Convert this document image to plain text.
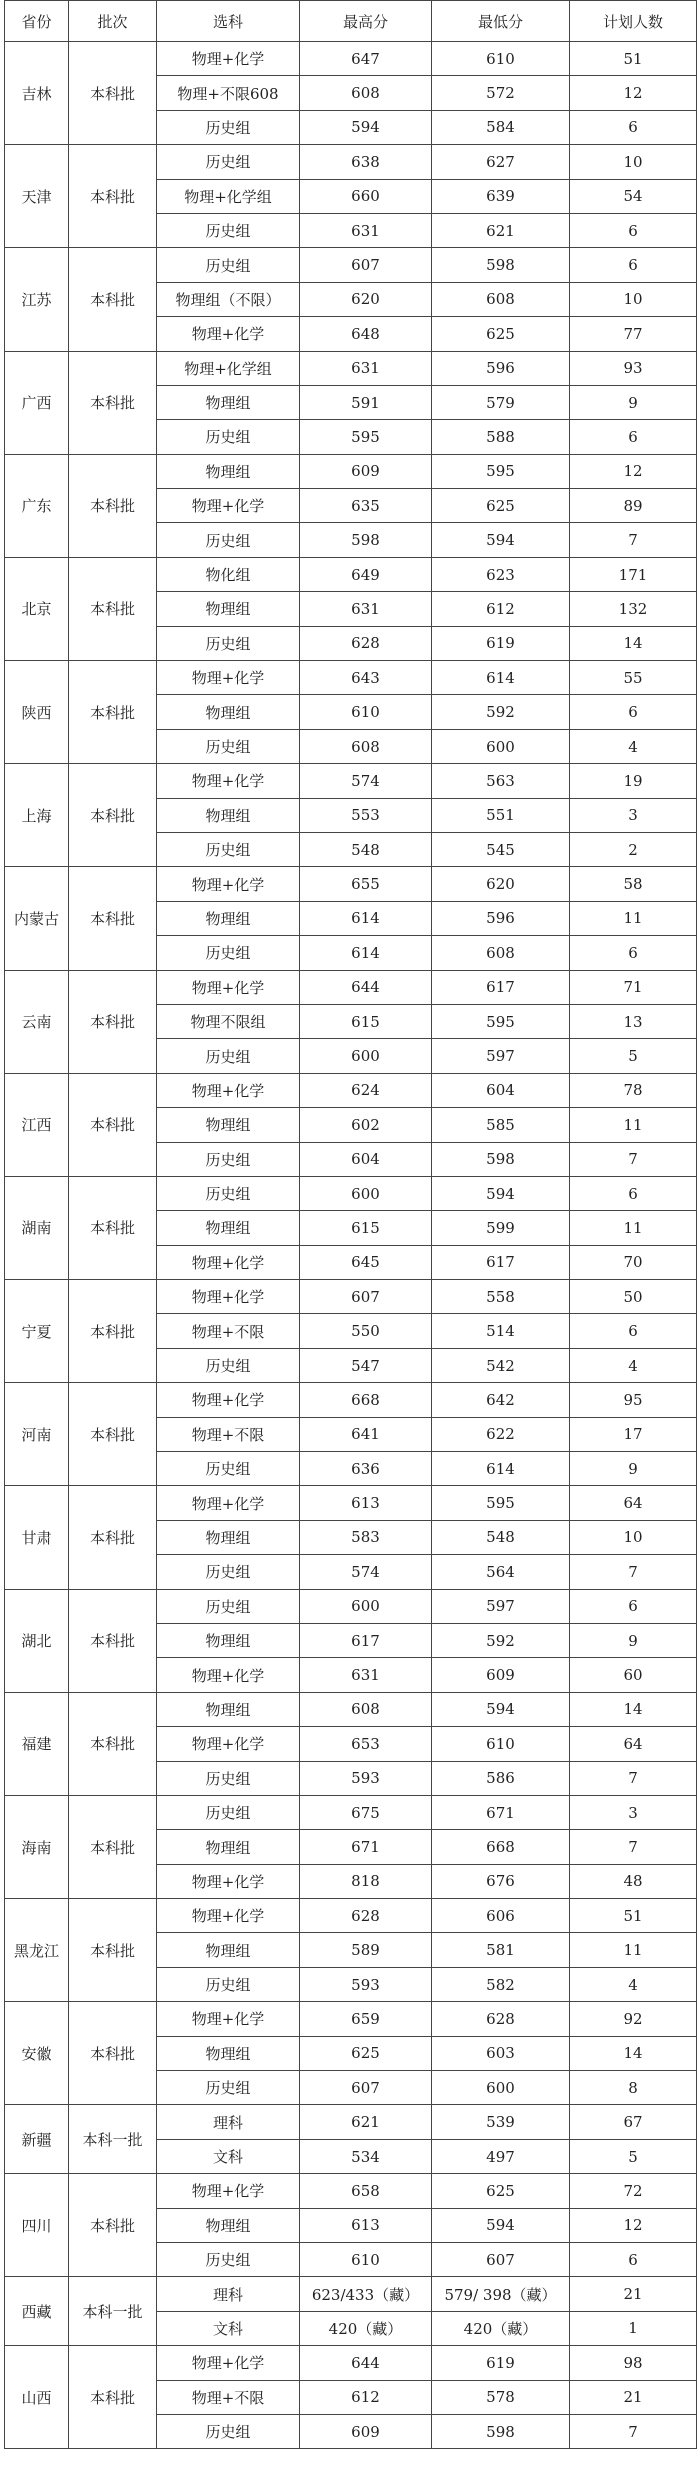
省份	批次	选科	最高分	最低分	计划人数
吉林	本科批	物理+化学	647	610	51
		物理+不限608	608	572	12
		历史组	594	584	6
天津	本科批	历史组	638	627	10
		物理+化学组	660	639	54
		历史组	631	621	6
江苏	本科批	历史组	607	598	6
		物理组（不限）	620	608	10
		物理+化学	648	625	77
广西	本科批	物理+化学组	631	596	93
		物理组	591	579	9
		历史组	595	588	6
广东	本科批	物理组	609	595	12
		物理+化学	635	625	89
		历史组	598	594	7
北京	本科批	物化组	649	623	171
		物理组	631	612	132
		历史组	628	619	14
陕西	本科批	物理+化学	643	614	55
		物理组	610	592	6
		历史组	608	600	4
上海	本科批	物理+化学	574	563	19
		物理组	553	551	3
		历史组	548	545	2
内蒙古	本科批	物理+化学	655	620	58
		物理组	614	596	11
		历史组	614	608	6
云南	本科批	物理+化学	644	617	71
		物理不限组	615	595	13
		历史组	600	597	5
江西	本科批	物理+化学	624	604	78
		物理组	602	585	11
		历史组	604	598	7
湖南	本科批	历史组	600	594	6
		物理组	615	599	11
		物理+化学	645	617	70
宁夏	本科批	物理+化学	607	558	50
		物理+不限	550	514	6
		历史组	547	542	4
河南	本科批	物理+化学	668	642	95
		物理+不限	641	622	17
		历史组	636	614	9
甘肃	本科批	物理+化学	613	595	64
		物理组	583	548	10
		历史组	574	564	7
湖北	本科批	历史组	600	597	6
		物理组	617	592	9
		物理+化学	631	609	60
福建	本科批	物理组	608	594	14
		物理+化学	653	610	64
		历史组	593	586	7
海南	本科批	历史组	675	671	3
		物理组	671	668	7
		物理+化学	818	676	48
黑龙江	本科批	物理+化学	628	606	51
		物理组	589	581	11
		历史组	593	582	4
安徽	本科批	物理+化学	659	628	92
		物理组	625	603	14
		历史组	607	600	8
新疆	本科一批	理科	621	539	67
		文科	534	497	5
四川	本科批	物理+化学	658	625	72
		物理组	613	594	12
		历史组	610	607	6
西藏	本科一批	理科	623/433（藏）	579/ 398（藏）	21
		文科	420（藏）	420（藏）	1
山西	本科批	物理+化学	644	619	98
		物理+不限	612	578	21
		历史组	609	598	7
